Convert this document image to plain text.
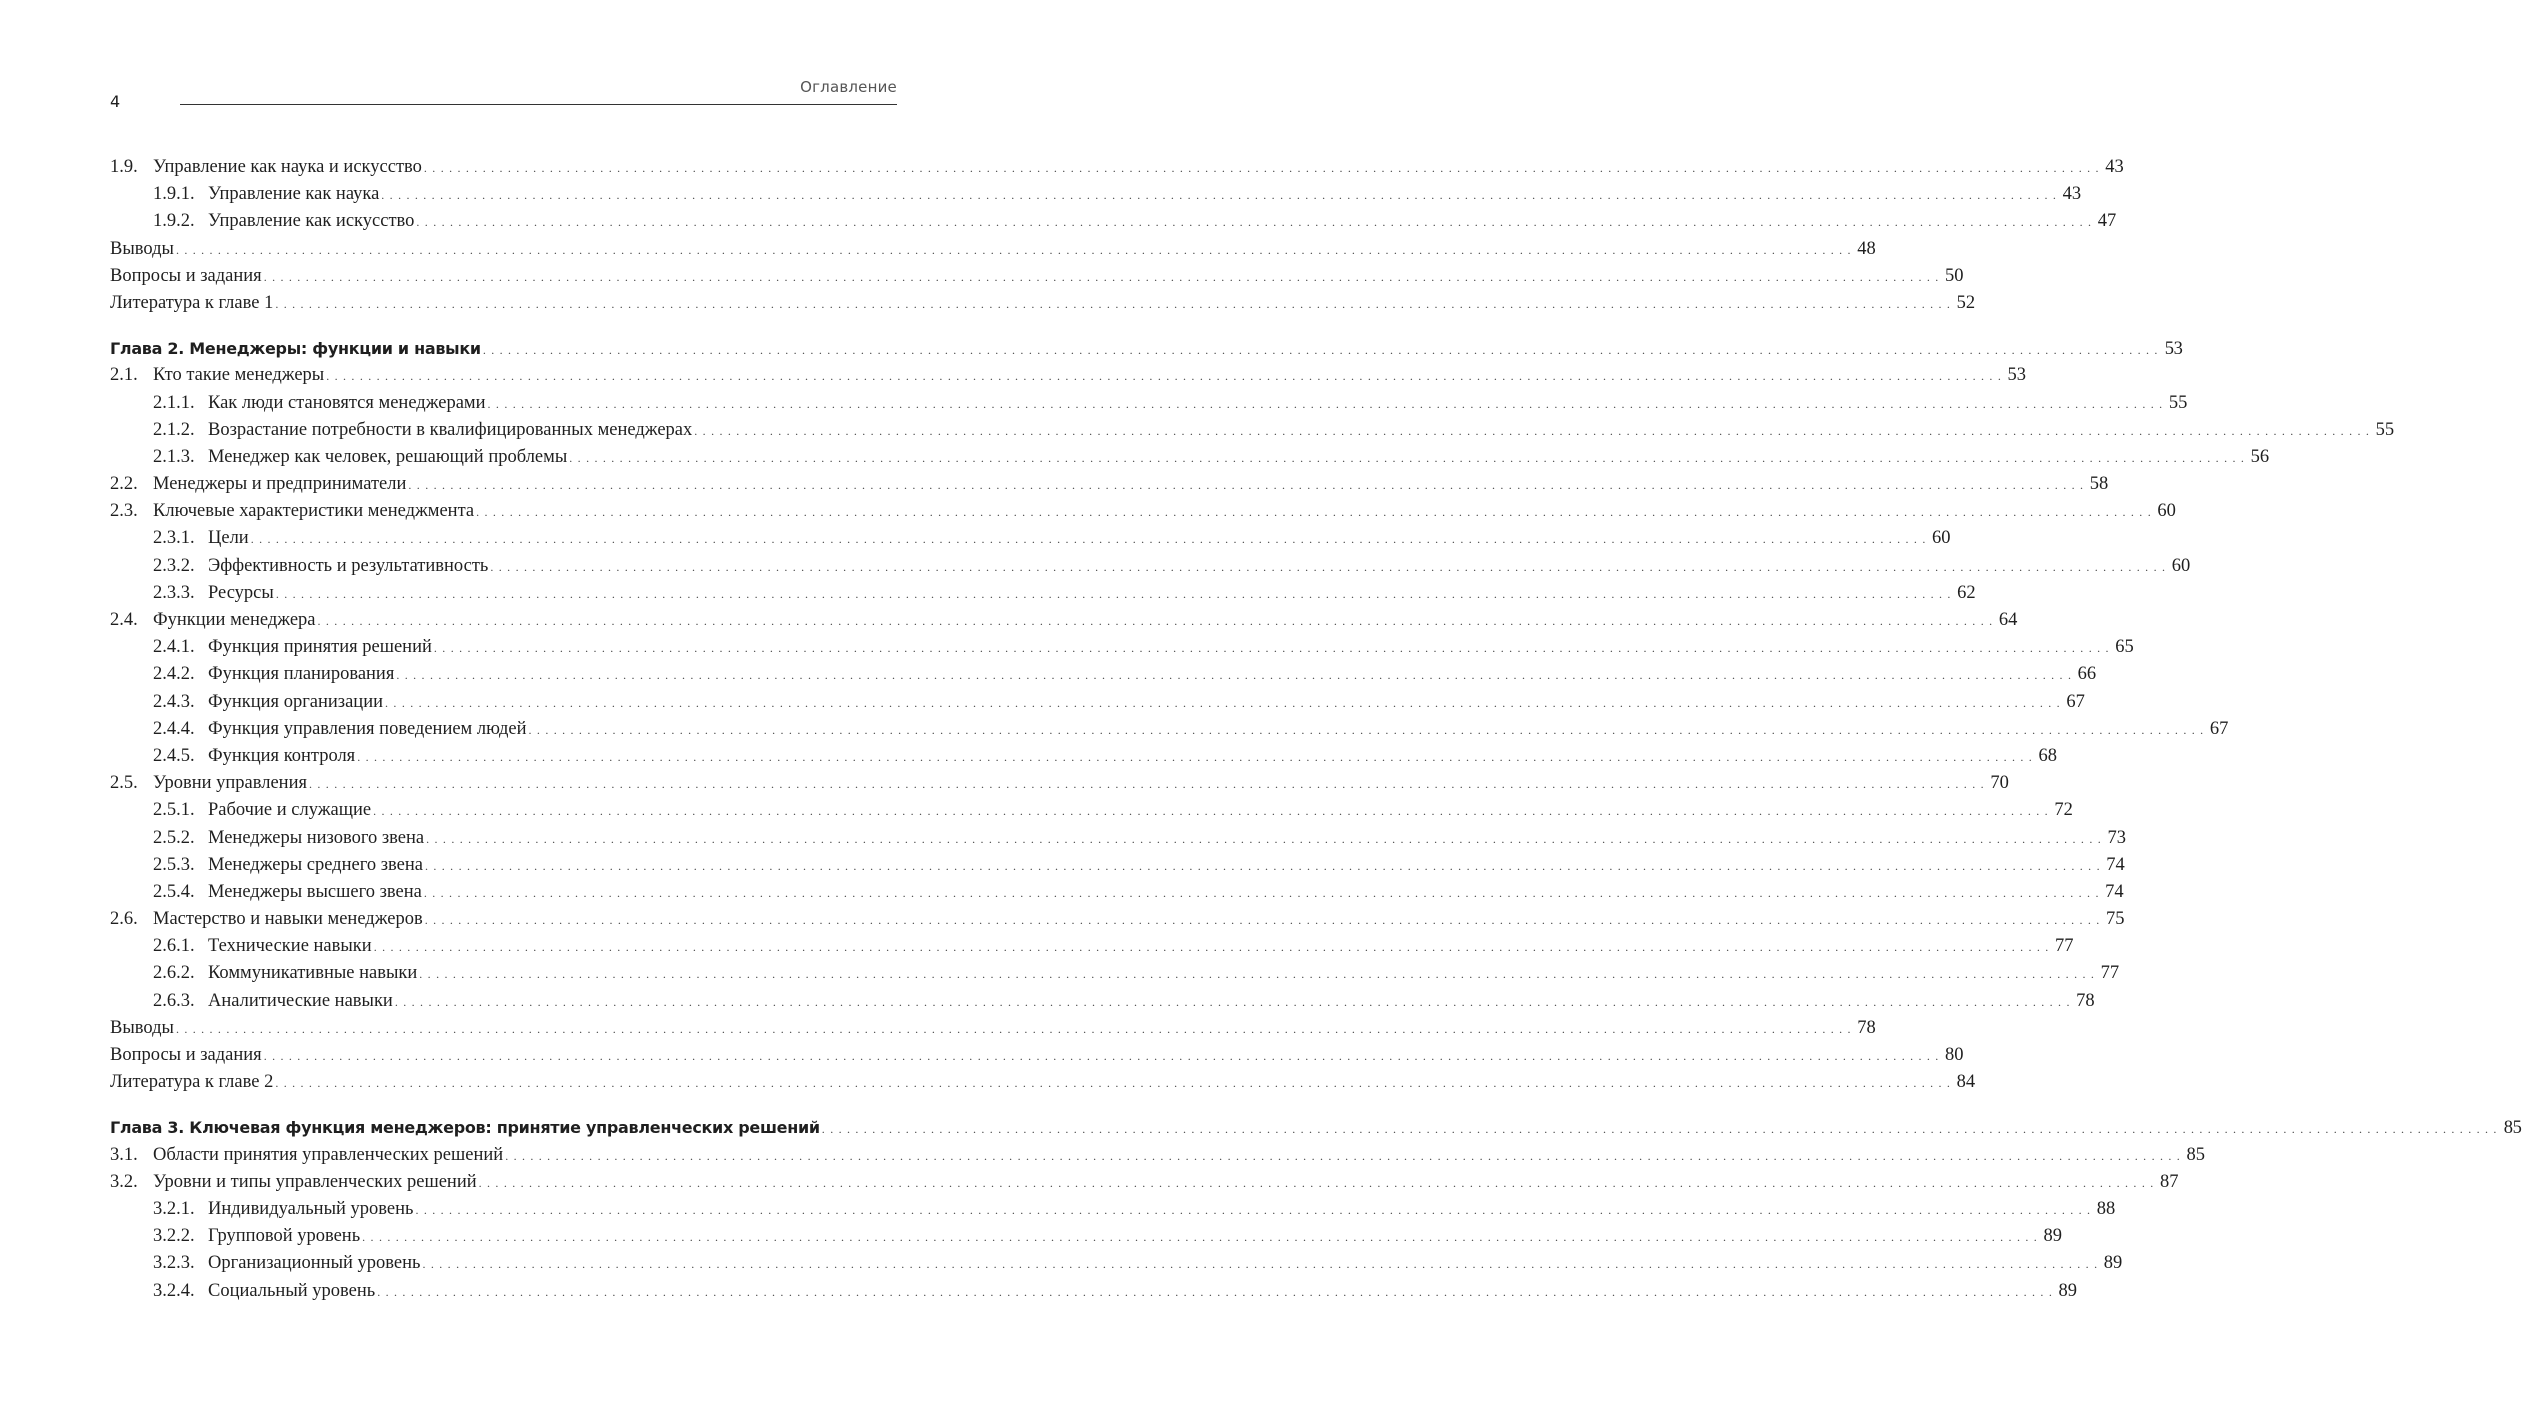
4
Оглавление
1.9. Управление как наука и искусство . . . . . . . . . . . . . . . . . . . . . . . . . . . . . . . . . . . . . . . . . . . . . . . . . . . . . . . . . . . . . . . . . . . . . . . . . . . . . . . . . . . . . . . . . . . . . . . . . . . . . . . . . . . . . . . . . . . . . . . . . . . . . . . . . . . . . . . . . . . . . . . . . . . . . . . . . . . . . . . . . . . . . . . . . . . . . . . . . . . . . . . . . . . . . . . . . . . . . . . . 43
1.9.1. Управление как наука . . . . . . . . . . . . . . . . . . . . . . . . . . . . . . . . . . . . . . . . . . . . . . . . . . . . . . . . . . . . . . . . . . . . . . . . . . . . . . . . . . . . . . . . . . . . . . . . . . . . . . . . . . . . . . . . . . . . . . . . . . . . . . . . . . . . . . . . . . . . . . . . . . . . . . . . . . . . . . . . . . . . . . . . . . . . . . . . . . . . . . . . . . . . . . . . . . . . . . . . 43
1.9.2. Управление как искусство . . . . . . . . . . . . . . . . . . . . . . . . . . . . . . . . . . . . . . . . . . . . . . . . . . . . . . . . . . . . . . . . . . . . . . . . . . . . . . . . . . . . . . . . . . . . . . . . . . . . . . . . . . . . . . . . . . . . . . . . . . . . . . . . . . . . . . . . . . . . . . . . . . . . . . . . . . . . . . . . . . . . . . . . . . . . . . . . . . . . . . . . . . . . . . . . . . . . . . . . 47
Выводы . . . . . . . . . . . . . . . . . . . . . . . . . . . . . . . . . . . . . . . . . . . . . . . . . . . . . . . . . . . . . . . . . . . . . . . . . . . . . . . . . . . . . . . . . . . . . . . . . . . . . . . . . . . . . . . . . . . . . . . . . . . . . . . . . . . . . . . . . . . . . . . . . . . . . . . . . . . . . . . . . . . . . . . . . . . . . . . . . . . . . . . . . . . . . . . . . . . . . . . . 48
Вопросы и задания . . . . . . . . . . . . . . . . . . . . . . . . . . . . . . . . . . . . . . . . . . . . . . . . . . . . . . . . . . . . . . . . . . . . . . . . . . . . . . . . . . . . . . . . . . . . . . . . . . . . . . . . . . . . . . . . . . . . . . . . . . . . . . . . . . . . . . . . . . . . . . . . . . . . . . . . . . . . . . . . . . . . . . . . . . . . . . . . . . . . . . . . . . . . . . . . . . . . . . . . 50
Литература к главе 1 . . . . . . . . . . . . . . . . . . . . . . . . . . . . . . . . . . . . . . . . . . . . . . . . . . . . . . . . . . . . . . . . . . . . . . . . . . . . . . . . . . . . . . . . . . . . . . . . . . . . . . . . . . . . . . . . . . . . . . . . . . . . . . . . . . . . . . . . . . . . . . . . . . . . . . . . . . . . . . . . . . . . . . . . . . . . . . . . . . . . . . . . . . . . . . . . . . . . . . . . 52
Глава 2. Менеджеры: функции и навыки . . . . . . . . . . . . . . . . . . . . . . . . . . . . . . . . . . . . . . . . . . . . . . . . . . . . . . . . . . . . . . . . . . . . . . . . . . . . . . . . . . . . . . . . . . . . . . . . . . . . . . . . . . . . . . . . . . . . . . . . . . . . . . . . . . . . . . . . . . . . . . . . . . . . . . . . . . . . . . . . . . . . . . . . . . . . . . . . . . . . . . . . . . . . . . . . . . . . . . . . 53
2.1. Кто такие менеджеры . . . . . . . . . . . . . . . . . . . . . . . . . . . . . . . . . . . . . . . . . . . . . . . . . . . . . . . . . . . . . . . . . . . . . . . . . . . . . . . . . . . . . . . . . . . . . . . . . . . . . . . . . . . . . . . . . . . . . . . . . . . . . . . . . . . . . . . . . . . . . . . . . . . . . . . . . . . . . . . . . . . . . . . . . . . . . . . . . . . . . . . . . . . . . . . . . . . . . . . . 53
2.1.1. Как люди становятся менеджерами . . . . . . . . . . . . . . . . . . . . . . . . . . . . . . . . . . . . . . . . . . . . . . . . . . . . . . . . . . . . . . . . . . . . . . . . . . . . . . . . . . . . . . . . . . . . . . . . . . . . . . . . . . . . . . . . . . . . . . . . . . . . . . . . . . . . . . . . . . . . . . . . . . . . . . . . . . . . . . . . . . . . . . . . . . . . . . . . . . . . . . . . . . . . . . . . . . . . . . . . 55
2.1.2. Возрастание потребности в квалифицированных менеджерах . . . . . . . . . . . . . . . . . . . . . . . . . . . . . . . . . . . . . . . . . . . . . . . . . . . . . . . . . . . . . . . . . . . . . . . . . . . . . . . . . . . . . . . . . . . . . . . . . . . . . . . . . . . . . . . . . . . . . . . . . . . . . . . . . . . . . . . . . . . . . . . . . . . . . . . . . . . . . . . . . . . . . . . . . . . . . . . . . . . . . . . . . . . . . . . . . . . . . . . . 55
2.1.3. Менеджер как человек, решающий проблемы . . . . . . . . . . . . . . . . . . . . . . . . . . . . . . . . . . . . . . . . . . . . . . . . . . . . . . . . . . . . . . . . . . . . . . . . . . . . . . . . . . . . . . . . . . . . . . . . . . . . . . . . . . . . . . . . . . . . . . . . . . . . . . . . . . . . . . . . . . . . . . . . . . . . . . . . . . . . . . . . . . . . . . . . . . . . . . . . . . . . . . . . . . . . . . . . . . . . . . . . 56
2.2. Менеджеры и предприниматели . . . . . . . . . . . . . . . . . . . . . . . . . . . . . . . . . . . . . . . . . . . . . . . . . . . . . . . . . . . . . . . . . . . . . . . . . . . . . . . . . . . . . . . . . . . . . . . . . . . . . . . . . . . . . . . . . . . . . . . . . . . . . . . . . . . . . . . . . . . . . . . . . . . . . . . . . . . . . . . . . . . . . . . . . . . . . . . . . . . . . . . . . . . . . . . . . . . . . . . . 58
2.3. Ключевые характеристики менеджмента . . . . . . . . . . . . . . . . . . . . . . . . . . . . . . . . . . . . . . . . . . . . . . . . . . . . . . . . . . . . . . . . . . . . . . . . . . . . . . . . . . . . . . . . . . . . . . . . . . . . . . . . . . . . . . . . . . . . . . . . . . . . . . . . . . . . . . . . . . . . . . . . . . . . . . . . . . . . . . . . . . . . . . . . . . . . . . . . . . . . . . . . . . . . . . . . . . . . . . . . 60
2.3.1. Цели . . . . . . . . . . . . . . . . . . . . . . . . . . . . . . . . . . . . . . . . . . . . . . . . . . . . . . . . . . . . . . . . . . . . . . . . . . . . . . . . . . . . . . . . . . . . . . . . . . . . . . . . . . . . . . . . . . . . . . . . . . . . . . . . . . . . . . . . . . . . . . . . . . . . . . . . . . . . . . . . . . . . . . . . . . . . . . . . . . . . . . . . . . . . . . . . . . . . . . . . 60
2.3.2. Эффективность и результативность . . . . . . . . . . . . . . . . . . . . . . . . . . . . . . . . . . . . . . . . . . . . . . . . . . . . . . . . . . . . . . . . . . . . . . . . . . . . . . . . . . . . . . . . . . . . . . . . . . . . . . . . . . . . . . . . . . . . . . . . . . . . . . . . . . . . . . . . . . . . . . . . . . . . . . . . . . . . . . . . . . . . . . . . . . . . . . . . . . . . . . . . . . . . . . . . . . . . . . . . 60
2.3.3. Ресурсы . . . . . . . . . . . . . . . . . . . . . . . . . . . . . . . . . . . . . . . . . . . . . . . . . . . . . . . . . . . . . . . . . . . . . . . . . . . . . . . . . . . . . . . . . . . . . . . . . . . . . . . . . . . . . . . . . . . . . . . . . . . . . . . . . . . . . . . . . . . . . . . . . . . . . . . . . . . . . . . . . . . . . . . . . . . . . . . . . . . . . . . . . . . . . . . . . . . . . . . . 62
2.4. Функции менеджера . . . . . . . . . . . . . . . . . . . . . . . . . . . . . . . . . . . . . . . . . . . . . . . . . . . . . . . . . . . . . . . . . . . . . . . . . . . . . . . . . . . . . . . . . . . . . . . . . . . . . . . . . . . . . . . . . . . . . . . . . . . . . . . . . . . . . . . . . . . . . . . . . . . . . . . . . . . . . . . . . . . . . . . . . . . . . . . . . . . . . . . . . . . . . . . . . . . . . . . . 64
2.4.1. Функция принятия решений . . . . . . . . . . . . . . . . . . . . . . . . . . . . . . . . . . . . . . . . . . . . . . . . . . . . . . . . . . . . . . . . . . . . . . . . . . . . . . . . . . . . . . . . . . . . . . . . . . . . . . . . . . . . . . . . . . . . . . . . . . . . . . . . . . . . . . . . . . . . . . . . . . . . . . . . . . . . . . . . . . . . . . . . . . . . . . . . . . . . . . . . . . . . . . . . . . . . . . . . 65
2.4.2. Функция планирования . . . . . . . . . . . . . . . . . . . . . . . . . . . . . . . . . . . . . . . . . . . . . . . . . . . . . . . . . . . . . . . . . . . . . . . . . . . . . . . . . . . . . . . . . . . . . . . . . . . . . . . . . . . . . . . . . . . . . . . . . . . . . . . . . . . . . . . . . . . . . . . . . . . . . . . . . . . . . . . . . . . . . . . . . . . . . . . . . . . . . . . . . . . . . . . . . . . . . . . . 66
2.4.3. Функция организации . . . . . . . . . . . . . . . . . . . . . . . . . . . . . . . . . . . . . . . . . . . . . . . . . . . . . . . . . . . . . . . . . . . . . . . . . . . . . . . . . . . . . . . . . . . . . . . . . . . . . . . . . . . . . . . . . . . . . . . . . . . . . . . . . . . . . . . . . . . . . . . . . . . . . . . . . . . . . . . . . . . . . . . . . . . . . . . . . . . . . . . . . . . . . . . . . . . . . . . . 67
2.4.4. Функция управления поведением людей . . . . . . . . . . . . . . . . . . . . . . . . . . . . . . . . . . . . . . . . . . . . . . . . . . . . . . . . . . . . . . . . . . . . . . . . . . . . . . . . . . . . . . . . . . . . . . . . . . . . . . . . . . . . . . . . . . . . . . . . . . . . . . . . . . . . . . . . . . . . . . . . . . . . . . . . . . . . . . . . . . . . . . . . . . . . . . . . . . . . . . . . . . . . . . . . . . . . . . . . 67
2.4.5. Функция контроля . . . . . . . . . . . . . . . . . . . . . . . . . . . . . . . . . . . . . . . . . . . . . . . . . . . . . . . . . . . . . . . . . . . . . . . . . . . . . . . . . . . . . . . . . . . . . . . . . . . . . . . . . . . . . . . . . . . . . . . . . . . . . . . . . . . . . . . . . . . . . . . . . . . . . . . . . . . . . . . . . . . . . . . . . . . . . . . . . . . . . . . . . . . . . . . . . . . . . . . . 68
2.5. Уровни управления . . . . . . . . . . . . . . . . . . . . . . . . . . . . . . . . . . . . . . . . . . . . . . . . . . . . . . . . . . . . . . . . . . . . . . . . . . . . . . . . . . . . . . . . . . . . . . . . . . . . . . . . . . . . . . . . . . . . . . . . . . . . . . . . . . . . . . . . . . . . . . . . . . . . . . . . . . . . . . . . . . . . . . . . . . . . . . . . . . . . . . . . . . . . . . . . . . . . . . . . 70
2.5.1. Рабочие и служащие . . . . . . . . . . . . . . . . . . . . . . . . . . . . . . . . . . . . . . . . . . . . . . . . . . . . . . . . . . . . . . . . . . . . . . . . . . . . . . . . . . . . . . . . . . . . . . . . . . . . . . . . . . . . . . . . . . . . . . . . . . . . . . . . . . . . . . . . . . . . . . . . . . . . . . . . . . . . . . . . . . . . . . . . . . . . . . . . . . . . . . . . . . . . . . . . . . . . . . . . 72
2.5.2. Менеджеры низового звена . . . . . . . . . . . . . . . . . . . . . . . . . . . . . . . . . . . . . . . . . . . . . . . . . . . . . . . . . . . . . . . . . . . . . . . . . . . . . . . . . . . . . . . . . . . . . . . . . . . . . . . . . . . . . . . . . . . . . . . . . . . . . . . . . . . . . . . . . . . . . . . . . . . . . . . . . . . . . . . . . . . . . . . . . . . . . . . . . . . . . . . . . . . . . . . . . . . . . . . . 73
2.5.3. Менеджеры среднего звена . . . . . . . . . . . . . . . . . . . . . . . . . . . . . . . . . . . . . . . . . . . . . . . . . . . . . . . . . . . . . . . . . . . . . . . . . . . . . . . . . . . . . . . . . . . . . . . . . . . . . . . . . . . . . . . . . . . . . . . . . . . . . . . . . . . . . . . . . . . . . . . . . . . . . . . . . . . . . . . . . . . . . . . . . . . . . . . . . . . . . . . . . . . . . . . . . . . . . . . . 74
2.5.4. Менеджеры высшего звена . . . . . . . . . . . . . . . . . . . . . . . . . . . . . . . . . . . . . . . . . . . . . . . . . . . . . . . . . . . . . . . . . . . . . . . . . . . . . . . . . . . . . . . . . . . . . . . . . . . . . . . . . . . . . . . . . . . . . . . . . . . . . . . . . . . . . . . . . . . . . . . . . . . . . . . . . . . . . . . . . . . . . . . . . . . . . . . . . . . . . . . . . . . . . . . . . . . . . . . . 74
2.6. Мастерство и навыки менеджеров . . . . . . . . . . . . . . . . . . . . . . . . . . . . . . . . . . . . . . . . . . . . . . . . . . . . . . . . . . . . . . . . . . . . . . . . . . . . . . . . . . . . . . . . . . . . . . . . . . . . . . . . . . . . . . . . . . . . . . . . . . . . . . . . . . . . . . . . . . . . . . . . . . . . . . . . . . . . . . . . . . . . . . . . . . . . . . . . . . . . . . . . . . . . . . . . . . . . . . . . 75
2.6.1. Технические навыки . . . . . . . . . . . . . . . . . . . . . . . . . . . . . . . . . . . . . . . . . . . . . . . . . . . . . . . . . . . . . . . . . . . . . . . . . . . . . . . . . . . . . . . . . . . . . . . . . . . . . . . . . . . . . . . . . . . . . . . . . . . . . . . . . . . . . . . . . . . . . . . . . . . . . . . . . . . . . . . . . . . . . . . . . . . . . . . . . . . . . . . . . . . . . . . . . . . . . . . . 77
2.6.2. Коммуникативные навыки . . . . . . . . . . . . . . . . . . . . . . . . . . . . . . . . . . . . . . . . . . . . . . . . . . . . . . . . . . . . . . . . . . . . . . . . . . . . . . . . . . . . . . . . . . . . . . . . . . . . . . . . . . . . . . . . . . . . . . . . . . . . . . . . . . . . . . . . . . . . . . . . . . . . . . . . . . . . . . . . . . . . . . . . . . . . . . . . . . . . . . . . . . . . . . . . . . . . . . . . 77
2.6.3. Аналитические навыки . . . . . . . . . . . . . . . . . . . . . . . . . . . . . . . . . . . . . . . . . . . . . . . . . . . . . . . . . . . . . . . . . . . . . . . . . . . . . . . . . . . . . . . . . . . . . . . . . . . . . . . . . . . . . . . . . . . . . . . . . . . . . . . . . . . . . . . . . . . . . . . . . . . . . . . . . . . . . . . . . . . . . . . . . . . . . . . . . . . . . . . . . . . . . . . . . . . . . . . . 78
Выводы . . . . . . . . . . . . . . . . . . . . . . . . . . . . . . . . . . . . . . . . . . . . . . . . . . . . . . . . . . . . . . . . . . . . . . . . . . . . . . . . . . . . . . . . . . . . . . . . . . . . . . . . . . . . . . . . . . . . . . . . . . . . . . . . . . . . . . . . . . . . . . . . . . . . . . . . . . . . . . . . . . . . . . . . . . . . . . . . . . . . . . . . . . . . . . . . . . . . . . . . 78
Вопросы и задания . . . . . . . . . . . . . . . . . . . . . . . . . . . . . . . . . . . . . . . . . . . . . . . . . . . . . . . . . . . . . . . . . . . . . . . . . . . . . . . . . . . . . . . . . . . . . . . . . . . . . . . . . . . . . . . . . . . . . . . . . . . . . . . . . . . . . . . . . . . . . . . . . . . . . . . . . . . . . . . . . . . . . . . . . . . . . . . . . . . . . . . . . . . . . . . . . . . . . . . . 80
Литература к главе 2 . . . . . . . . . . . . . . . . . . . . . . . . . . . . . . . . . . . . . . . . . . . . . . . . . . . . . . . . . . . . . . . . . . . . . . . . . . . . . . . . . . . . . . . . . . . . . . . . . . . . . . . . . . . . . . . . . . . . . . . . . . . . . . . . . . . . . . . . . . . . . . . . . . . . . . . . . . . . . . . . . . . . . . . . . . . . . . . . . . . . . . . . . . . . . . . . . . . . . . . . 84
Глава 3. Ключевая функция менеджеров: принятие управленческих решений . . . . . . . . . . . . . . . . . . . . . . . . . . . . . . . . . . . . . . . . . . . . . . . . . . . . . . . . . . . . . . . . . . . . . . . . . . . . . . . . . . . . . . . . . . . . . . . . . . . . . . . . . . . . . . . . . . . . . . . . . . . . . . . . . . . . . . . . . . . . . . . . . . . . . . . . . . . . . . . . . . . . . . . . . . . . . . . . . . . . . . . . . . . . . . . . . . . . . . . . 85
3.1. Области принятия управленческих решений . . . . . . . . . . . . . . . . . . . . . . . . . . . . . . . . . . . . . . . . . . . . . . . . . . . . . . . . . . . . . . . . . . . . . . . . . . . . . . . . . . . . . . . . . . . . . . . . . . . . . . . . . . . . . . . . . . . . . . . . . . . . . . . . . . . . . . . . . . . . . . . . . . . . . . . . . . . . . . . . . . . . . . . . . . . . . . . . . . . . . . . . . . . . . . . . . . . . . . . . 85
3.2. Уровни и типы управленческих решений . . . . . . . . . . . . . . . . . . . . . . . . . . . . . . . . . . . . . . . . . . . . . . . . . . . . . . . . . . . . . . . . . . . . . . . . . . . . . . . . . . . . . . . . . . . . . . . . . . . . . . . . . . . . . . . . . . . . . . . . . . . . . . . . . . . . . . . . . . . . . . . . . . . . . . . . . . . . . . . . . . . . . . . . . . . . . . . . . . . . . . . . . . . . . . . . . . . . . . . . 87
3.2.1. Индивидуальный уровень . . . . . . . . . . . . . . . . . . . . . . . . . . . . . . . . . . . . . . . . . . . . . . . . . . . . . . . . . . . . . . . . . . . . . . . . . . . . . . . . . . . . . . . . . . . . . . . . . . . . . . . . . . . . . . . . . . . . . . . . . . . . . . . . . . . . . . . . . . . . . . . . . . . . . . . . . . . . . . . . . . . . . . . . . . . . . . . . . . . . . . . . . . . . . . . . . . . . . . . . 88
3.2.2. Групповой уровень . . . . . . . . . . . . . . . . . . . . . . . . . . . . . . . . . . . . . . . . . . . . . . . . . . . . . . . . . . . . . . . . . . . . . . . . . . . . . . . . . . . . . . . . . . . . . . . . . . . . . . . . . . . . . . . . . . . . . . . . . . . . . . . . . . . . . . . . . . . . . . . . . . . . . . . . . . . . . . . . . . . . . . . . . . . . . . . . . . . . . . . . . . . . . . . . . . . . . . . . 89
3.2.3. Организационный уровень . . . . . . . . . . . . . . . . . . . . . . . . . . . . . . . . . . . . . . . . . . . . . . . . . . . . . . . . . . . . . . . . . . . . . . . . . . . . . . . . . . . . . . . . . . . . . . . . . . . . . . . . . . . . . . . . . . . . . . . . . . . . . . . . . . . . . . . . . . . . . . . . . . . . . . . . . . . . . . . . . . . . . . . . . . . . . . . . . . . . . . . . . . . . . . . . . . . . . . . . 89
3.2.4. Социальный уровень . . . . . . . . . . . . . . . . . . . . . . . . . . . . . . . . . . . . . . . . . . . . . . . . . . . . . . . . . . . . . . . . . . . . . . . . . . . . . . . . . . . . . . . . . . . . . . . . . . . . . . . . . . . . . . . . . . . . . . . . . . . . . . . . . . . . . . . . . . . . . . . . . . . . . . . . . . . . . . . . . . . . . . . . . . . . . . . . . . . . . . . . . . . . . . . . . . . . . . . . 89
